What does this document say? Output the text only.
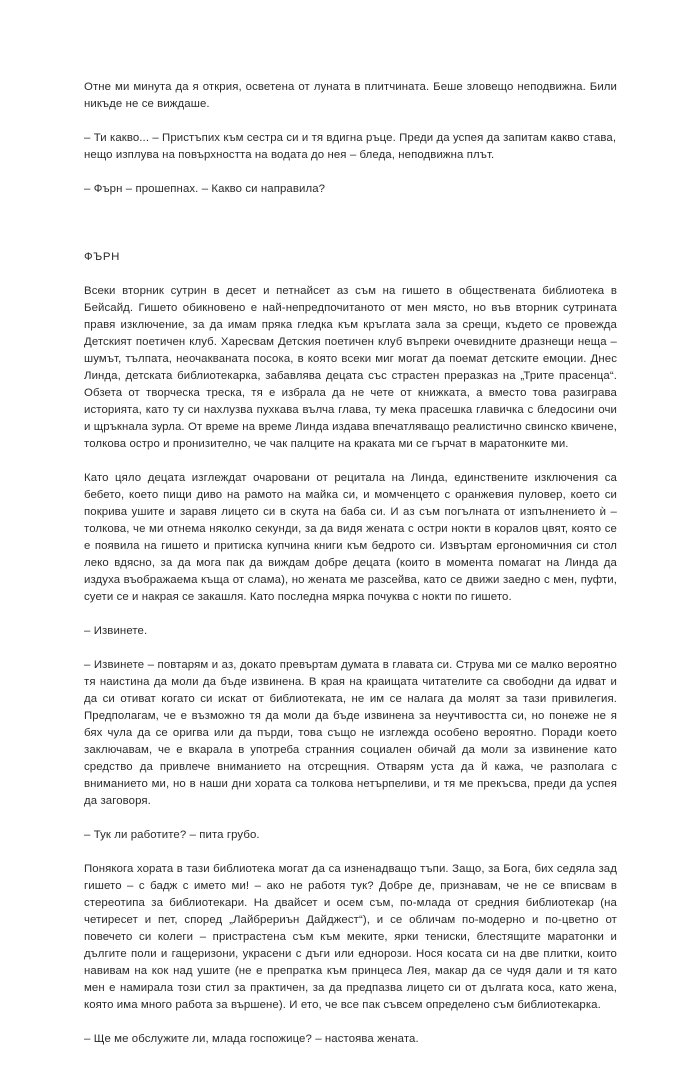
Отне ми минута да я открия, осветена от луната в плитчината. Беше зловещо неподвижна. Били никъде не се виждаше.

– Ти какво... – Пристъпих към сестра си и тя вдигна ръце. Преди да успея да запитам какво става, нещо изплува на повърхността на водата до нея – бледа, неподвижна плът.

– Фърн – прошепнах. – Какво си направила?

ФЪРН

Всеки вторник сутрин в десет и петнайсет аз съм на гишето в обществената библиотека в Бейсайд. Гишето обикновено е най-непредпочитаното от мен място, но във вторник сутрината правя изключение, за да имам пряка гледка към кръглата зала за срещи, където се провежда Детският поетичен клуб. Харесвам Детския поетичен клуб въпреки очевидните дразнещи неща – шумът, тълпата, неочакваната посока, в която всеки миг могат да поемат детските емоции. Днес Линда, детската библиотекарка, забавлява децата със страстен преразказ на „Трите прасенца“. Обзета от творческа треска, тя е избрала да не чете от книжката, а вместо това разиграва историята, като ту си нахлузва пухкава вълча глава, ту мека прасешка главичка с бледосини очи и щръкнала зурла. От време на време Линда издава впечатляващо реалистично свинско квичене, толкова остро и пронизително, че чак палците на краката ми се гърчат в маратонките ми.

Като цяло децата изглеждат очаровани от рецитала на Линда, единствените изключения са бебето, което пищи диво на рамото на майка си, и момченцето с оранжевия пуловер, което си покрива ушите и заравя лицето си в скута на баба си. И аз съм погълната от изпълнението ѝ – толкова, че ми отнема няколко секунди, за да видя жената с остри нокти в коралов цвят, която се е появила на гишето и притиска купчина книги към бедрото си. Извъртам ергономичния си стол леко вдясно, за да мога пак да виждам добре децата (които в момента помагат на Линда да издуха въображаема къща от слама), но жената ме разсейва, като се движи заедно с мен, пуфти, суети се и накрая се закашля. Като последна мярка почуква с нокти по гишето.

– Извинете.

– Извинете – повтарям и аз, докато превъртам думата в главата си. Струва ми се малко вероятно тя наистина да моли да бъде извинена. В края на краищата читателите са свободни да идват и да си отиват когато си искат от библиотеката, не им се налага да молят за тази привилегия. Предполагам, че е възможно тя да моли да бъде извинена за неучтивостта си, но понеже не я бях чула да се оригва или да пърди, това също не изглежда особено вероятно. Поради което заключавам, че е вкарала в употреба странния социален обичай да моли за извинение като средство да привлече вниманието на отсрещния. Отварям уста да й кажа, че разполага с вниманието ми, но в наши дни хората са толкова нетърпеливи, и тя ме прекъсва, преди да успея да заговоря.

– Тук ли работите? – пита грубо.

Понякога хората в тази библиотека могат да са изненадващо тъпи. Защо, за Бога, бих седяла зад гишето – с бадж с името ми! – ако не работя тук? Добре де, признавам, че не се вписвам в стереотипа за библиотекари. На двайсет и осем съм, по-млада от средния библиотекар (на четиресет и пет, според „Лайбрериън Дайджест“), и се обличам по-модерно и по-цветно от повечето си колеги – пристрастена съм към меките, ярки тениски, блестящите маратонки и дългите поли и гащеризони, украсени с дъги или еднорози. Нося косата си на две плитки, които навивам на кок над ушите (не е препратка към принцеса Лея, макар да се чудя дали и тя като мен е намирала този стил за практичен, за да предпазва лицето си от дългата коса, като жена, която има много работа за вършене). И ето, че все пак съвсем определено съм библиотекарка.

– Ще ме обслужите ли, млада госпожице? – настоява жената.
